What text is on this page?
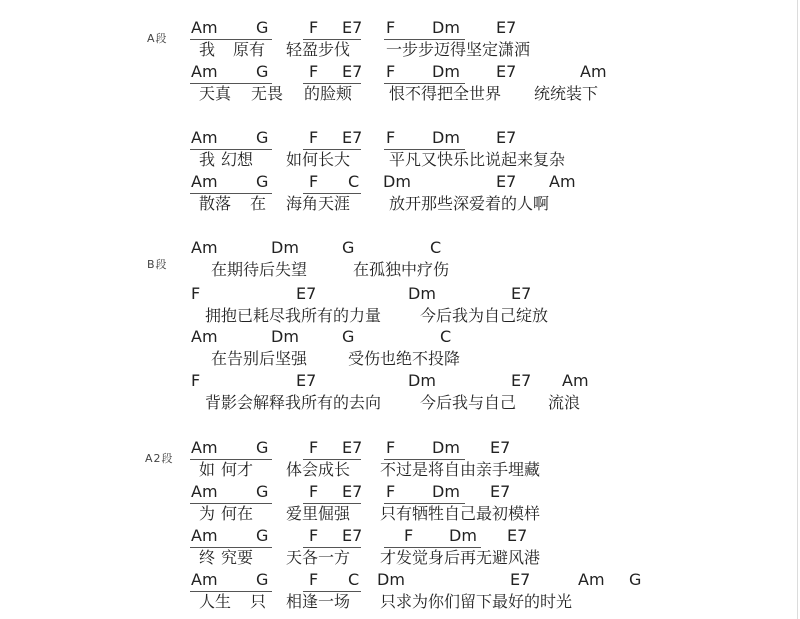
A段
Am G	F E7 F Dm E7
我 原有 轻盈步伐 一步步迈得坚定潇洒
Am G	F E7 F Dm E7	Am
天真 无畏 的脸颊 恨不得把全世界 统统装下
Am G	F E7 F Dm E7
我 幻想 如何长大 平凡又快乐比说起来复杂
Am G	F C Dm	E7 Am
散落 在 海角天涯 放开那些深爱着的人啊
B段
Am	Dm	G	C
在期待后失望	在孤独中疗伤
F	E7	Dm	E7
拥抱已耗尽我所有的力量 今后我为自己绽放
Am	Dm	G	C
在告别后坚强	受伤也绝不投降
F	E7	Dm	E7 Am
背影会解释我所有的去向 今后我与自己 流浪
A2段
Am G	F E7 F Dm E7
如 何才 体会成长 不过是将自由亲手埋藏
Am G	F E7 F Dm E7
为 何在 爱里倔强 只有牺牲自己最初模样
Am G	F E7	F Dm E7
终 究要 天各一方 才发觉身后再无避风港
Am G	F C Dm	E7	Am G
人生 只 相逢一场 只求为你们留下最好的时光
